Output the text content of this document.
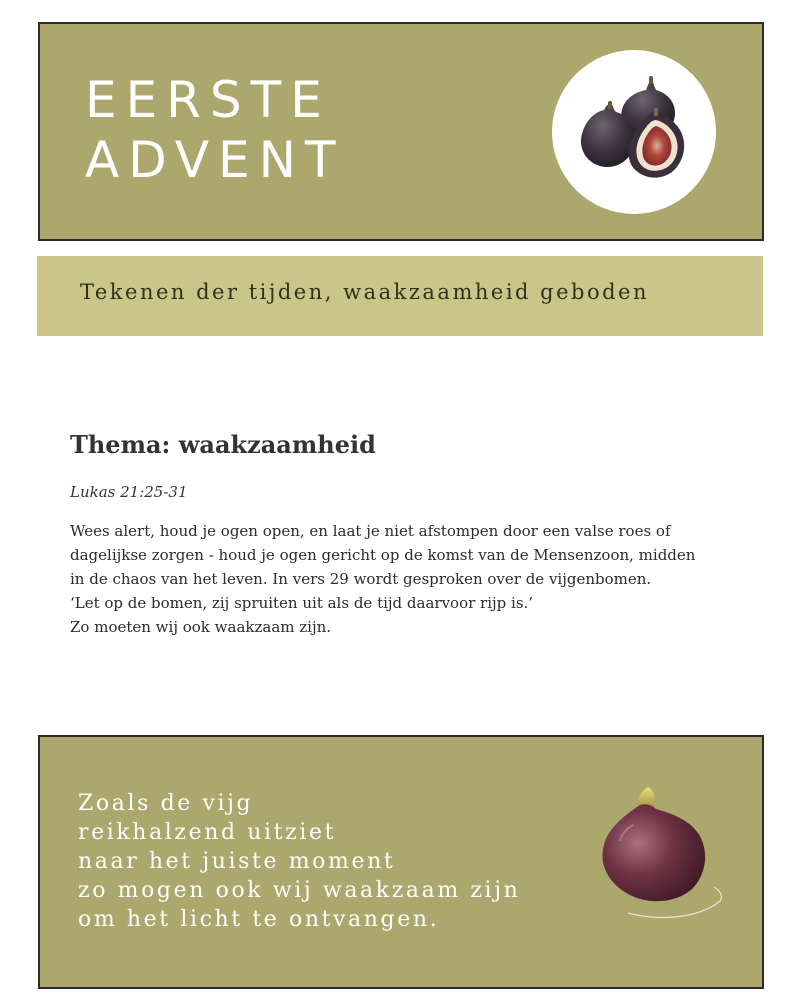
EERSTE
ADVENT

Tekenen der tijden, waakzaamheid geboden

Thema: waakzaamheid

Lukas 21:25-31

Wees alert, houd je ogen open, en laat je niet afstompen door een valse roes of
dagelijkse zorgen - houd je ogen gericht op de komst van de Mensenzoon, midden
in de chaos van het leven. In vers 29 wordt gesproken over de vijgenbomen.
‘Let op de bomen, zij spruiten uit als de tijd daarvoor rijp is.’
Zo moeten wij ook waakzaam zijn.

Zoals de vijg
reikhalzend uitziet
naar het juiste moment
zo mogen ook wij waakzaam zijn
om het licht te ontvangen.
